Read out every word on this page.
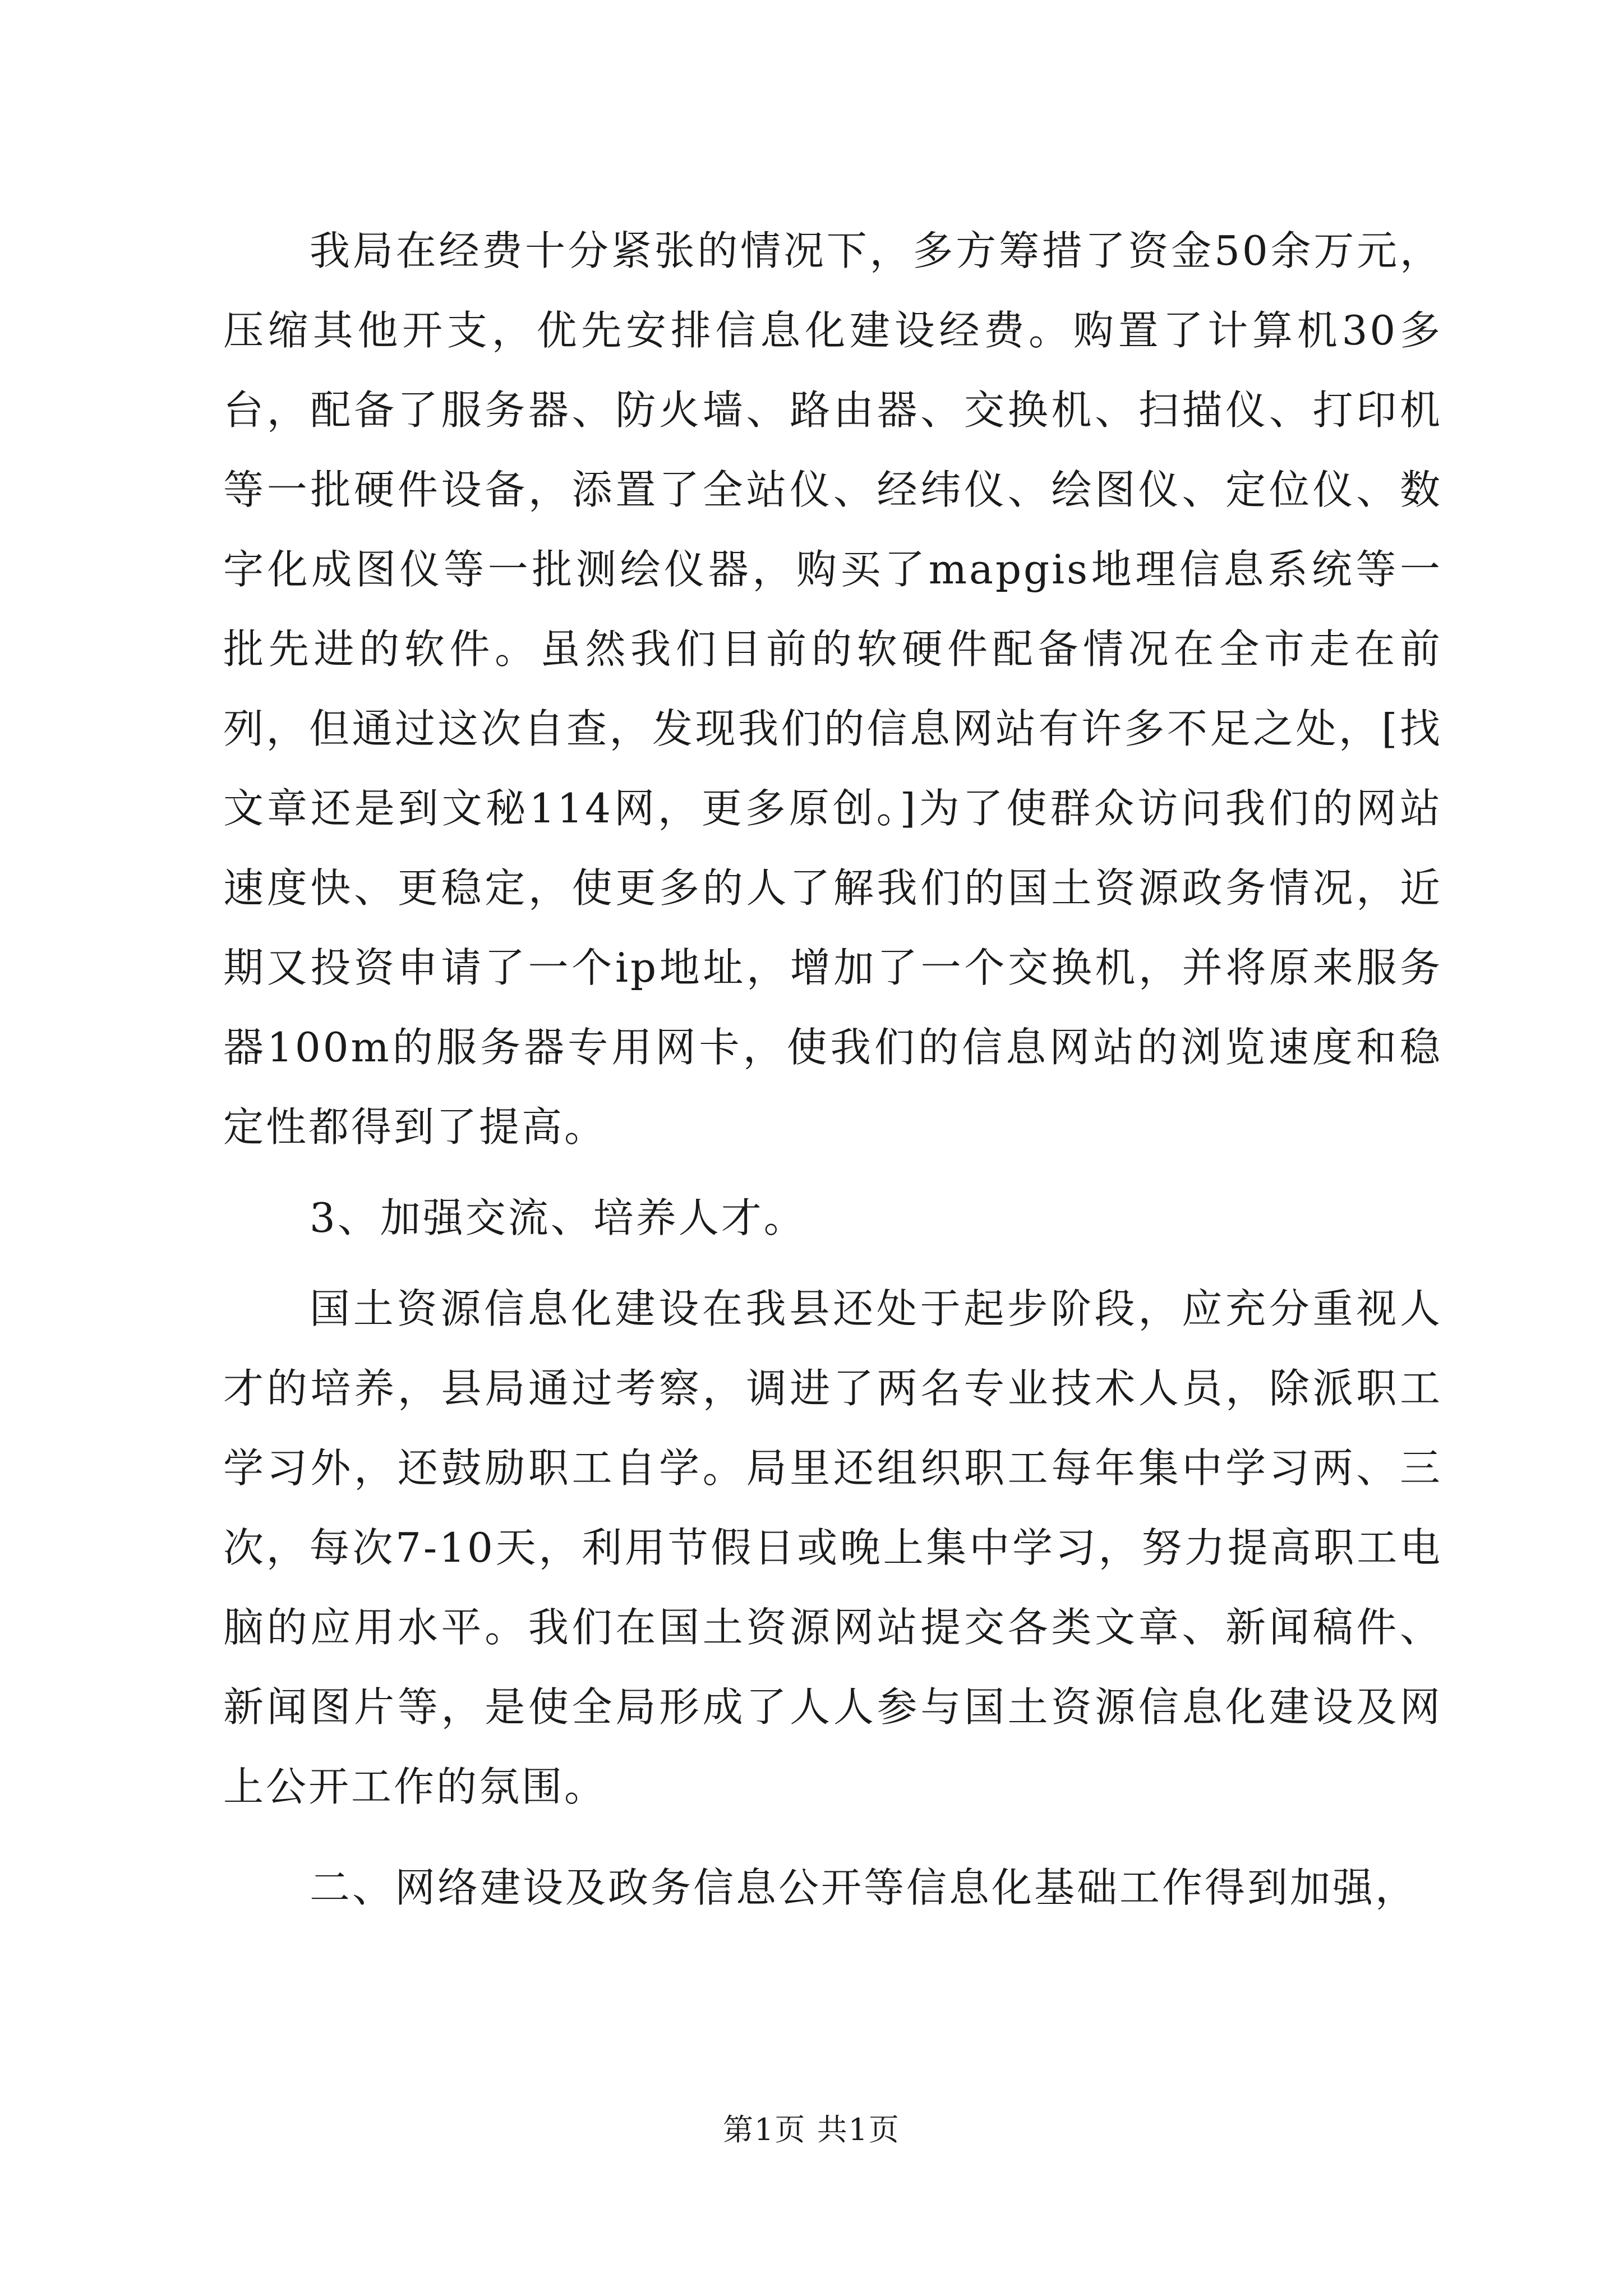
我局在经费十分紧张的情况下，多方筹措了资金50余万元，压缩其他开支，优先安排信息化建设经费。购置了计算机30多台，配备了服务器、防火墙、路由器、交换机、扫描仪、打印机等一批硬件设备，添置了全站仪、经纬仪、绘图仪、定位仪、数字化成图仪等一批测绘仪器，购买了mapgis地理信息系统等一批先进的软件。虽然我们目前的软硬件配备情况在全市走在前列，但通过这次自查，发现我们的信息网站有许多不足之处，[找文章还是到文秘114网，更多原创。]为了使群众访问我们的网站速度快、更稳定，使更多的人了解我们的国土资源政务情况，近期又投资申请了一个ip地址，增加了一个交换机，并将原来服务器100m的服务器专用网卡，使我们的信息网站的浏览速度和稳定性都得到了提高。

3、加强交流、培养人才。

国土资源信息化建设在我县还处于起步阶段，应充分重视人才的培养，县局通过考察，调进了两名专业技术人员，除派职工学习外，还鼓励职工自学。局里还组织职工每年集中学习两、三次，每次7-10天，利用节假日或晚上集中学习，努力提高职工电脑的应用水平。我们在国土资源网站提交各类文章、新闻稿件、新闻图片等，是使全局形成了人人参与国土资源信息化建设及网上公开工作的氛围。

二、网络建设及政务信息公开等信息化基础工作得到加强，

第1页 共1页
